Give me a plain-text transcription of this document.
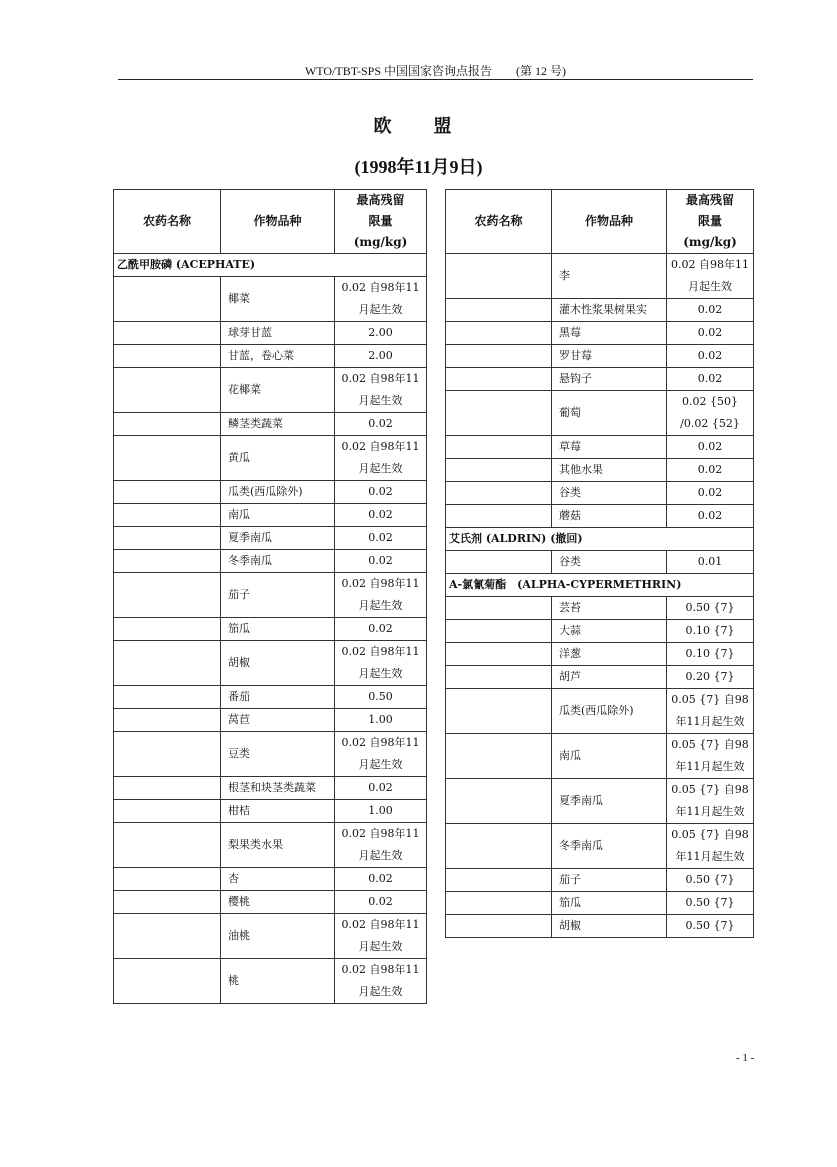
WTO/TBT-SPS 中国国家咨询点报告　　(第 12 号)
欧　盟
(1998年11月9日)
农药名称	作物品种	最高残留
限量
(mg/kg)

乙酰甲胺磷 (ACEPHATE)		
	椰菜	0.02 自98年11月起生效
	球芽甘蓝	2.00
	甘蓝，卷心菜	2.00
	花椰菜	0.02 自98年11月起生效
	鳞茎类蔬菜	0.02
	黄瓜	0.02 自98年11月起生效
	瓜类(西瓜除外)	0.02
	南瓜	0.02
	夏季南瓜	0.02
	冬季南瓜	0.02
	茄子	0.02 自98年11月起生效
	笳瓜	0.02
	胡椒	0.02 自98年11月起生效
	番茄	0.50
	莴苣	1.00
	豆类	0.02 自98年11月起生效
	根茎和块茎类蔬菜	0.02
	柑桔	1.00
	梨果类水果	0.02 自98年11月起生效
	杏	0.02
	樱桃	0.02
	油桃	0.02 自98年11月起生效
	桃	0.02 自98年11月起生效
农药名称	作物品种	最高残留
限量
(mg/kg)

	李	0.02 自98年11月起生效
	灌木性浆果树果实	0.02
	黑莓	0.02
	罗甘莓	0.02
	悬钩子	0.02
	葡萄	0.02 {50} /0.02 {52}
	草莓	0.02
	其他水果	0.02
	谷类	0.02
	蘑菇	0.02
艾氏剂 (ALDRIN) (撤回)		
	谷类	0.01
A-氯氰菊酯　(ALPHA-CYPERMETHRIN)		
	芸苔	0.50 {7}
	大蒜	0.10 {7}
	洋葱	0.10 {7}
	胡芦	0.20 {7}
	瓜类(西瓜除外)	0.05 {7} 自98年11月起生效
	南瓜	0.05 {7} 自98年11月起生效
	夏季南瓜	0.05 {7} 自98年11月起生效
	冬季南瓜	0.05 {7} 自98年11月起生效
	茄子	0.50 {7}
	笳瓜	0.50 {7}
	胡椒	0.50 {7}
- 1 -
